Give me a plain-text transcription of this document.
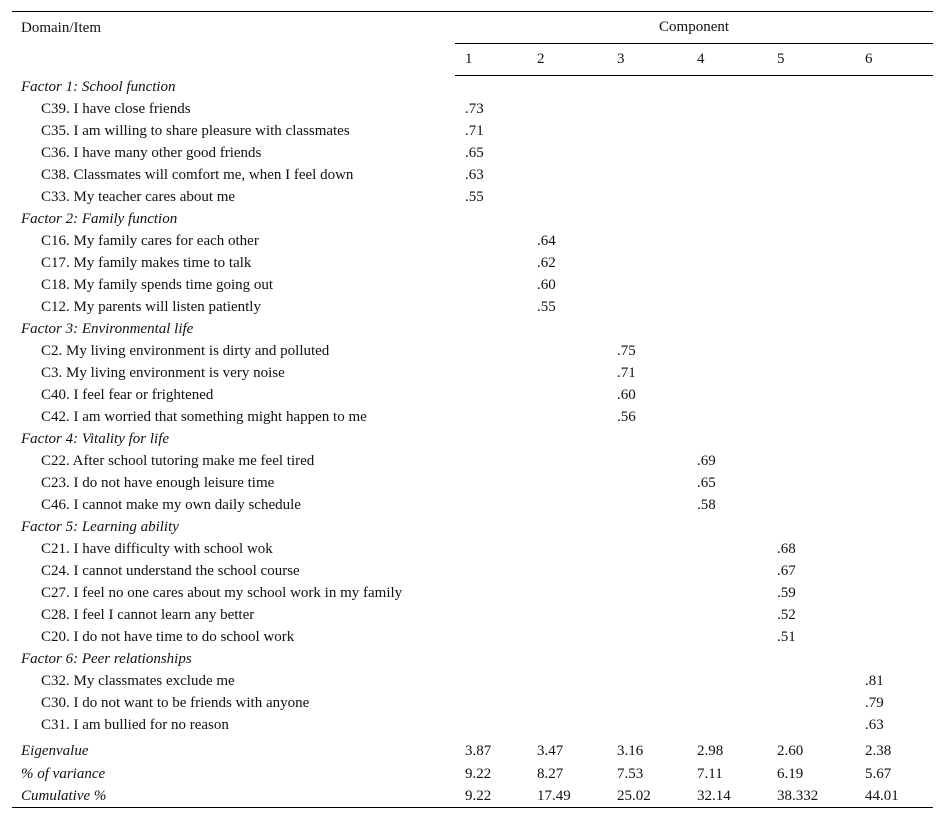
Domain/Item	Component					
	1	2	3	4	5	6
Factor 1: School function						
C39. I have close friends	.73					
C35. I am willing to share pleasure with classmates	.71					
C36. I have many other good friends	.65					
C38. Classmates will comfort me, when I feel down	.63					
C33. My teacher cares about me	.55					
Factor 2: Family function						
C16. My family cares for each other		.64				
C17. My family makes time to talk		.62				
C18. My family spends time going out		.60				
C12. My parents will listen patiently		.55				
Factor 3: Environmental life						
C2. My living environment is dirty and polluted			.75			
C3. My living environment is very noise			.71			
C40. I feel fear or frightened			.60			
C42. I am worried that something might happen to me			.56			
Factor 4: Vitality for life						
C22. After school tutoring make me feel tired				.69		
C23. I do not have enough leisure time				.65		
C46. I cannot make my own daily schedule				.58		
Factor 5: Learning ability						
C21. I have difficulty with school wok					.68	
C24. I cannot understand the school course					.67	
C27. I feel no one cares about my school work in my family					.59	
C28. I feel I cannot learn any better					.52	
C20. I do not have time to do school work					.51	
Factor 6: Peer relationships						
C32. My classmates exclude me						.81
C30. I do not want to be friends with anyone						.79
C31. I am bullied for no reason						.63
Eigenvalue	3.87	3.47	3.16	2.98	2.60	2.38
% of variance	9.22	8.27	7.53	7.11	6.19	5.67
Cumulative %	9.22	17.49	25.02	32.14	38.332	44.01
